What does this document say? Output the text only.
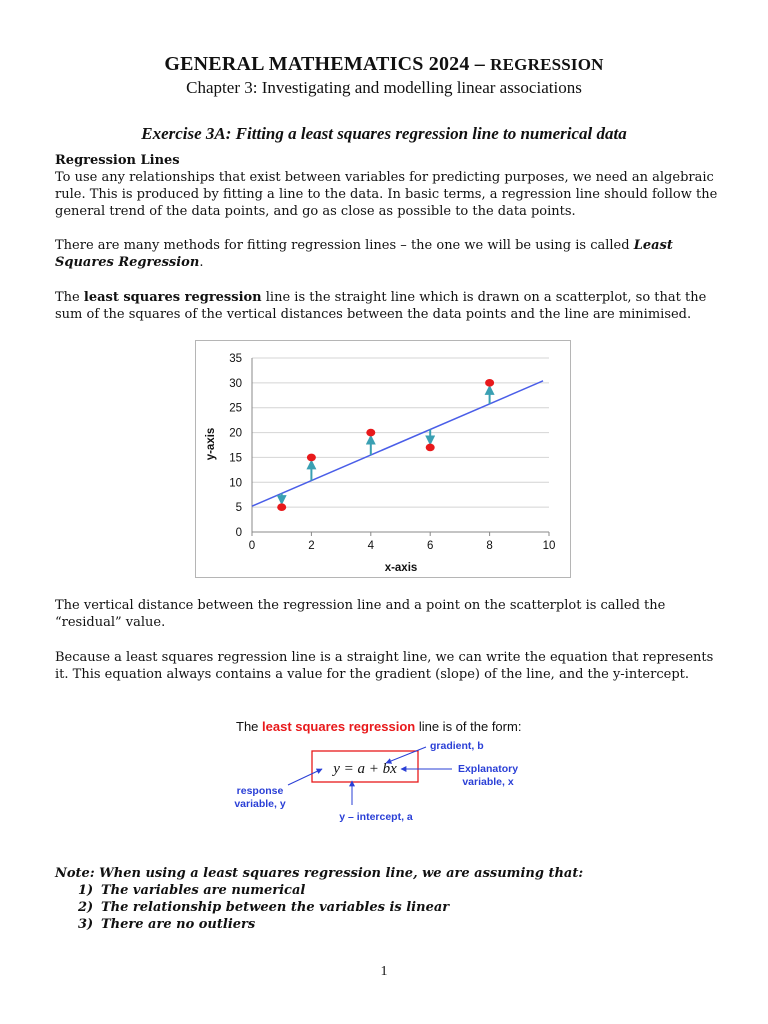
GENERAL MATHEMATICS 2024 – REGRESSION
Chapter 3: Investigating and modelling linear associations
Exercise 3A: Fitting a least squares regression line to numerical data
Regression Lines
To use any relationships that exist between variables for predicting purposes, we need an algebraic rule. This is produced by fitting a line to the data. In basic terms, a regression line should follow the general trend of the data points, and go as close as possible to the data points.
There are many methods for fitting regression lines – the one we will be using is called Least Squares Regression.
The least squares regression line is the straight line which is drawn on a scatterplot, so that the sum of the squares of the vertical distances between the data points and the line are minimised.
0
5
10
15
20
25
30
35
0	2	4	6	8	10
x-axis
y-axis
The vertical distance between the regression line and a point on the scatterplot is called the “residual” value.
Because a least squares regression line is a straight line, we can write the equation that represents it. This equation always contains a value for the gradient (slope) of the line, and the y-intercept.
The least squares regression line is of the form:
y = a + bx
gradient, b
Explanatory
variable, x
response
variable, y
y – intercept, a
Note: When using a least squares regression line, we are assuming that:
1) The variables are numerical
2) The relationship between the variables is linear
3) There are no outliers
1
